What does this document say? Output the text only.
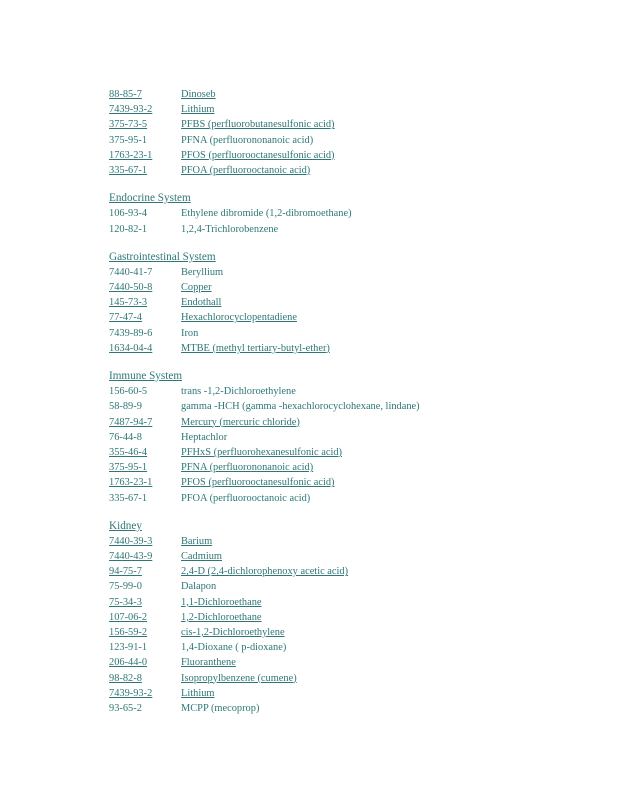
88-85-7	Dinoseb
7439-93-2	Lithium
375-73-5	PFBS (perfluorobutanesulfonic acid)
375-95-1	PFNA (perfluorononanoic acid)
1763-23-1	PFOS (perfluorooctanesulfonic acid)
335-67-1	PFOA (perfluorooctanoic acid)
Endocrine System
106-93-4	Ethylene dibromide (1,2-dibromoethane)
120-82-1	1,2,4-Trichlorobenzene
Gastrointestinal System
7440-41-7	Beryllium
7440-50-8	Copper
145-73-3	Endothall
77-47-4	Hexachlorocyclopentadiene
7439-89-6	Iron
1634-04-4	MTBE (methyl tertiary-butyl-ether)
Immune System
156-60-5	trans -1,2-Dichloroethylene
58-89-9	gamma -HCH (gamma -hexachlorocyclohexane, lindane)
7487-94-7	Mercury (mercuric chloride)
76-44-8	Heptachlor
355-46-4	PFHxS (perfluorohexanesulfonic acid)
375-95-1	PFNA (perfluorononanoic acid)
1763-23-1	PFOS (perfluorooctanesulfonic acid)
335-67-1	PFOA (perfluorooctanoic acid)
Kidney
7440-39-3	Barium
7440-43-9	Cadmium
94-75-7	2,4-D (2,4-dichlorophenoxy acetic acid)
75-99-0	Dalapon
75-34-3	1,1-Dichloroethane
107-06-2	1,2-Dichloroethane
156-59-2	cis-1,2-Dichloroethylene
123-91-1	1,4-Dioxane ( p-dioxane)
206-44-0	Fluoranthene
98-82-8	Isopropylbenzene (cumene)
7439-93-2	Lithium
93-65-2	MCPP (mecoprop)
